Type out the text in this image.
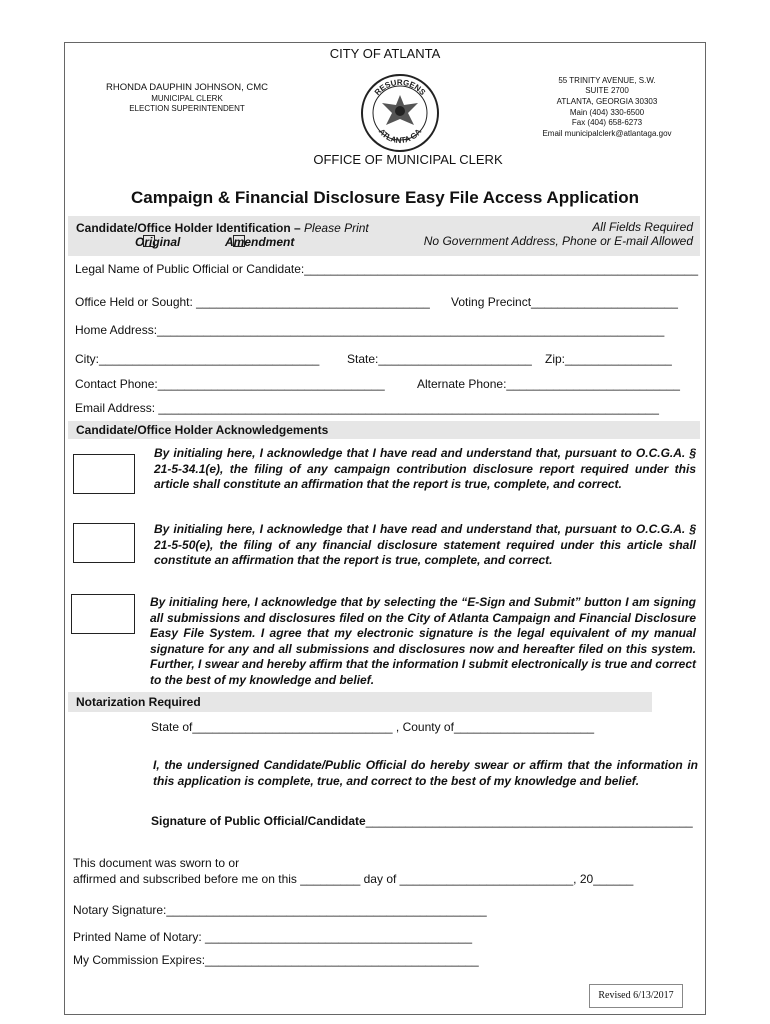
CITY OF ATLANTA
RHONDA DAUPHIN JOHNSON, CMC
MUNICIPAL CLERK
ELECTION SUPERINTENDENT
RESURGENS
ATLANTA GA
55 TRINITY AVENUE, S.W.
SUITE 2700
ATLANTA, GEORGIA 30303
Main (404) 330-6500
Fax (404) 658-6273
Email municipalclerk@atlantaga.gov
OFFICE OF MUNICIPAL CLERK
Campaign & Financial Disclosure Easy File Access Application
Candidate/Office Holder Identification – Please Print
Original	Amendment
All Fields Required
No Government Address, Phone or E-mail Allowed
Legal Name of Public Official or Candidate:___________________________________________________________
Office Held or Sought: ___________________________________ Voting Precinct______________________
Home Address:____________________________________________________________________________
City:_________________________________ State:_______________________ Zip:________________
Contact Phone:__________________________________	Alternate Phone:__________________________
Email Address: ___________________________________________________________________________
Candidate/Office Holder Acknowledgements
By initialing here, I acknowledge that I have read and understand that, pursuant to O.C.G.A. § 21-5-34.1(e), the filing of any campaign contribution disclosure report required under this article shall constitute an affirmation that the report is true, complete, and correct.
By initialing here, I acknowledge that I have read and understand that, pursuant to O.C.G.A. § 21-5-50(e), the filing of any financial disclosure statement required under this article shall constitute an affirmation that the report is true, complete, and correct.
By initialing here, I acknowledge that by selecting the “E-Sign and Submit” button I am signing all submissions and disclosures filed on the City of Atlanta Campaign and Financial Disclosure Easy File System. I agree that my electronic signature is the legal equivalent of my manual signature for any and all submissions and disclosures now and hereafter filed on this system. Further, I swear and hereby affirm that the information I submit electronically is true and correct to the best of my knowledge and belief.
Notarization Required
State of______________________________ , County of_____________________
I, the undersigned Candidate/Public Official do hereby swear or affirm that the information in this application is complete, true, and correct to the best of my knowledge and belief.
Signature of Public Official/Candidate_________________________________________________
This document was sworn to or
affirmed and subscribed before me on this _________ day of __________________________, 20______
Notary Signature:________________________________________________
Printed Name of Notary: ________________________________________
My Commission Expires:_________________________________________
Revised 6/13/2017
